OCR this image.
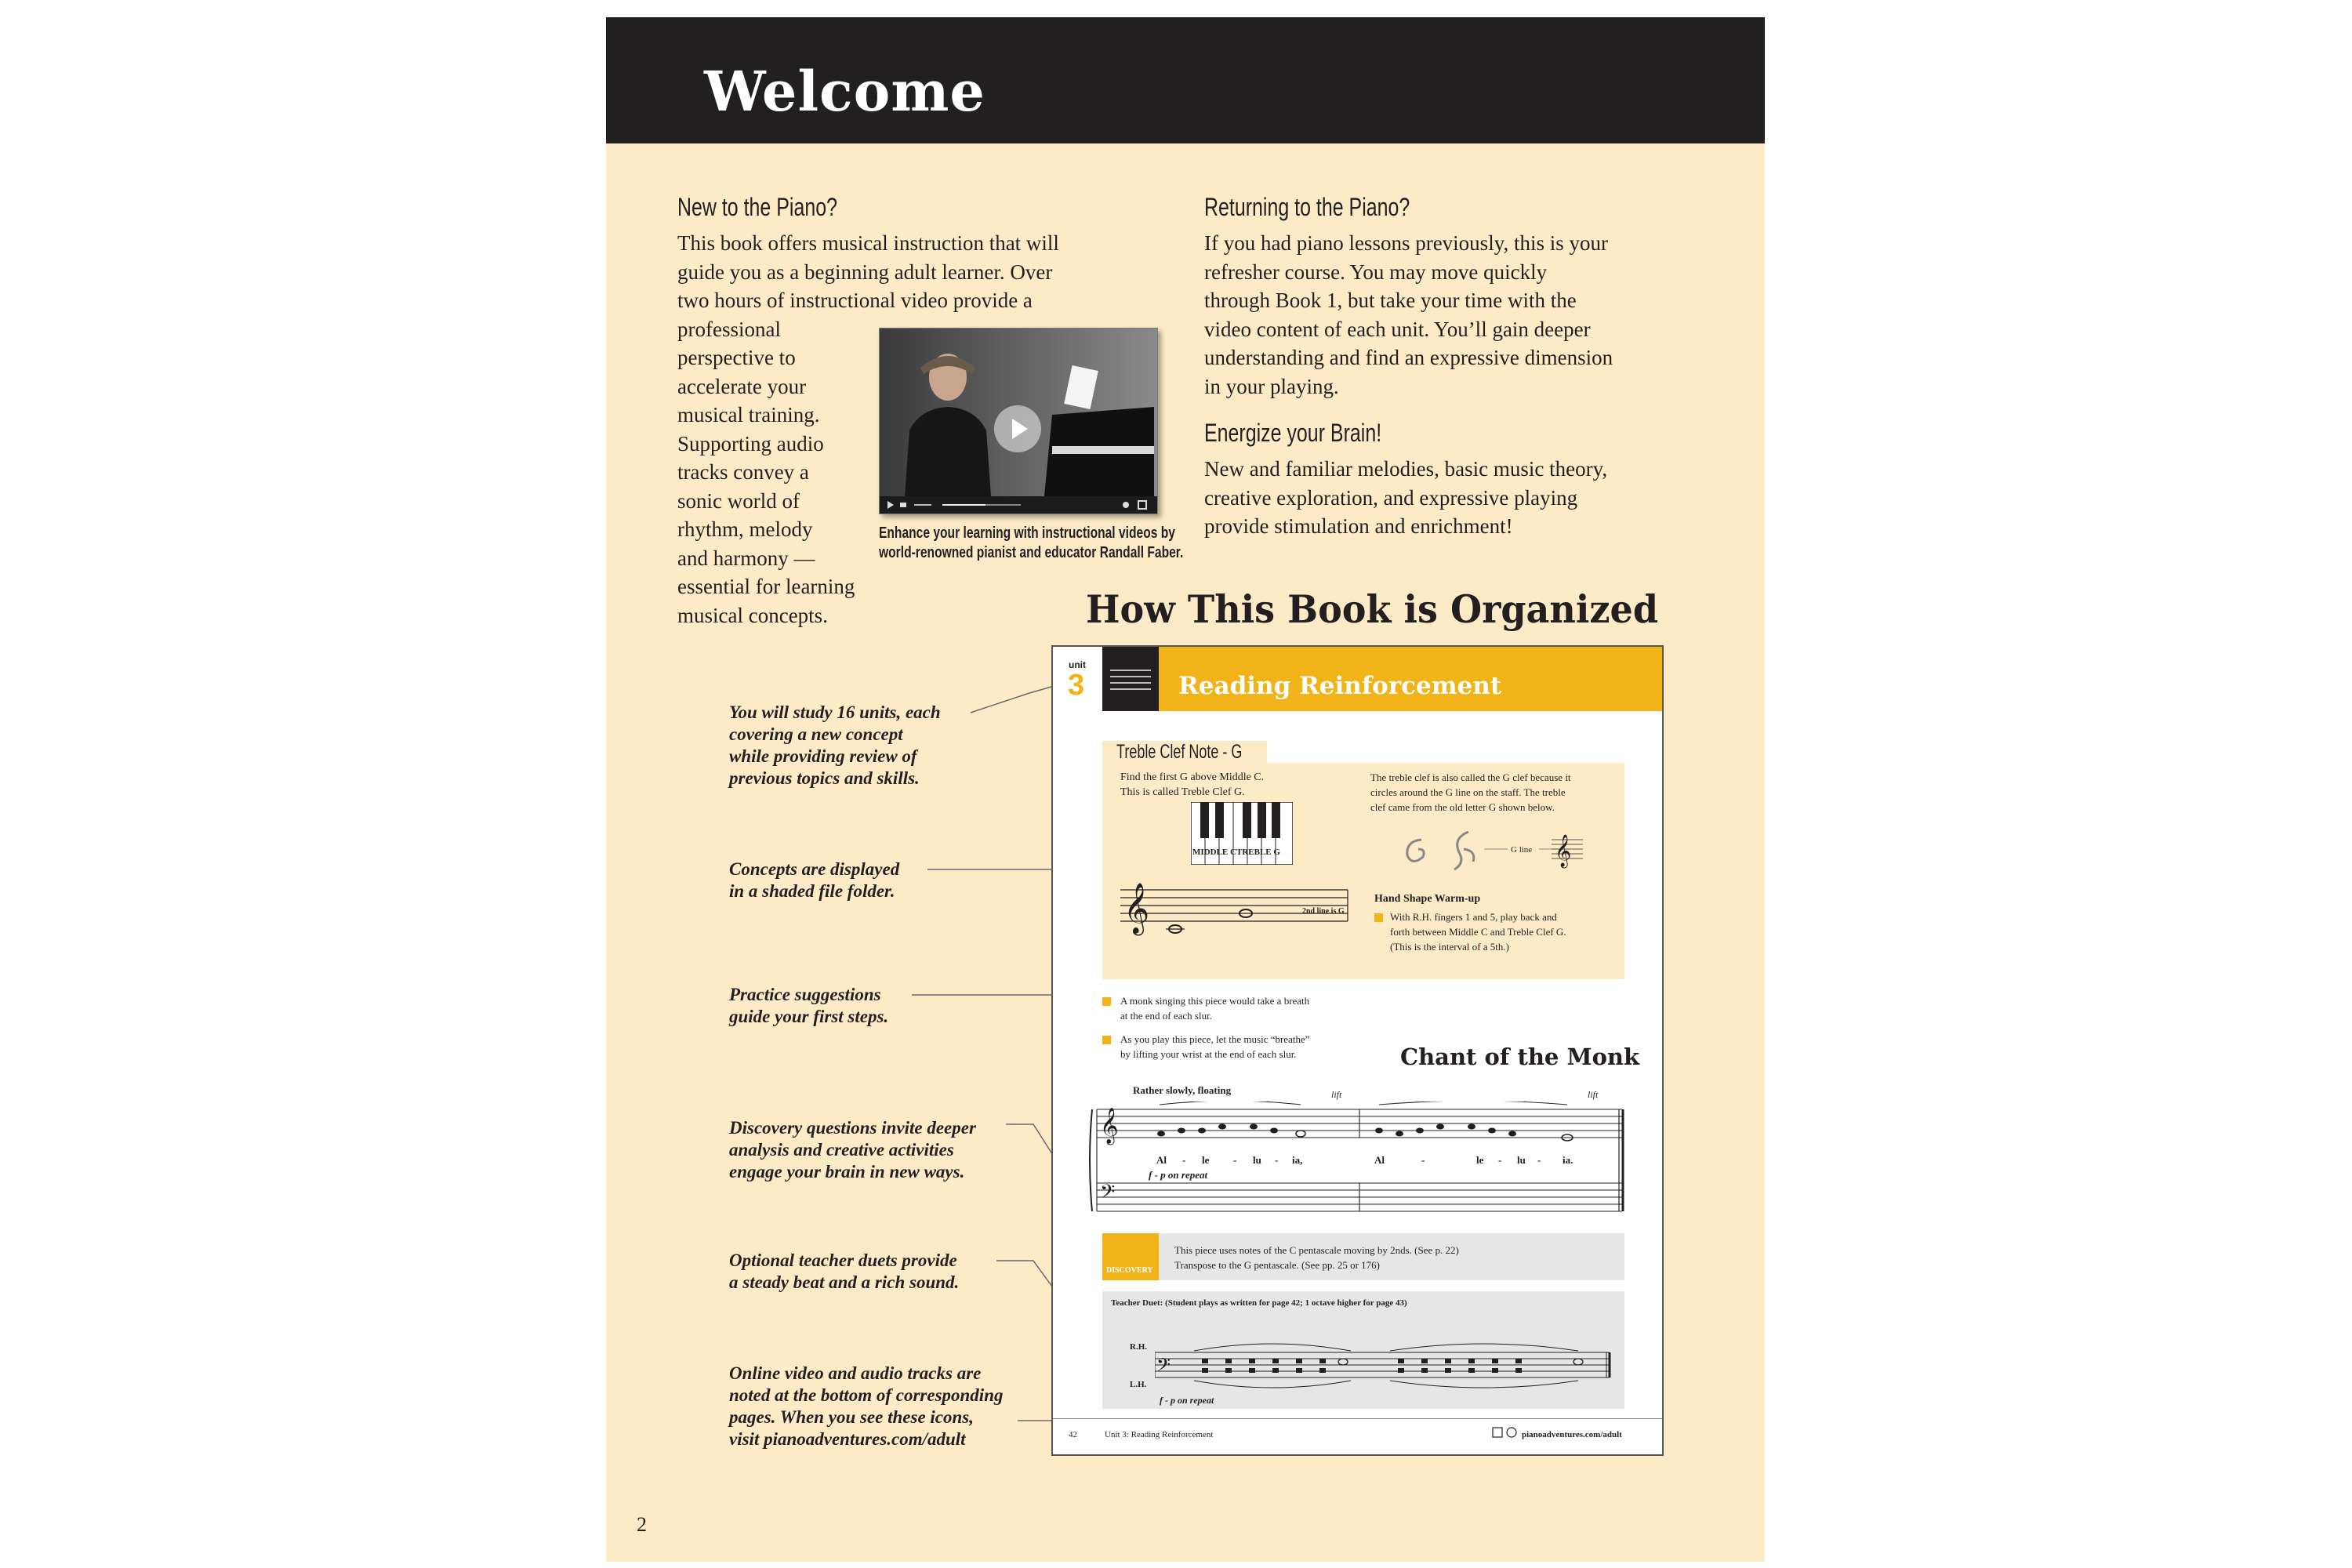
Welcome
New to the Piano?

This book offers musical instruction that will
guide you as a beginning adult learner. Over
two hours of instructional video provide a
professional
perspective to
accelerate your
musical training.
Supporting audio
tracks convey a
sonic world of
rhythm, melody
and harmony —
essential for learning
musical concepts.

Enhance your learning with instructional videos by
world-renowned pianist and educator Randall Faber.
Returning to the Piano?

If you had piano lessons previously, this is your
refresher course. You may move quickly
through Book 1, but take your time with the
video content of each unit. You’ll gain deeper
understanding and find an expressive dimension
in your playing.

Energize your Brain!

New and familiar melodies, basic music theory,
creative exploration, and expressive playing
provide stimulation and enrichment!

How This Book is Organized
You will study 16 units, each
covering a new concept
while providing review of
previous topics and skills.
Concepts are displayed
in a shaded file folder.
Practice suggestions
guide your first steps.
Discovery questions invite deeper
analysis and creative activities
engage your brain in new ways.
Optional teacher duets provide
a steady beat and a rich sound.
Online video and audio tracks are
noted at the bottom of corresponding
pages. When you see these icons,
visit pianoadventures.com/adult
unit
3	Reading Reinforcement
Treble Clef Note - G
Find the first G above Middle C.
This is called Treble Clef G.
MIDDLE C TREBLE G
𝄞	2nd line is G
The treble clef is also called the G clef because it
circles around the G line on the staff. The treble
clef came from the old letter G shown below.
𝄞
G line
Hand Shape Warm-up
With R.H. fingers 1 and 5, play back and
forth between Middle C and Treble Clef G.
(This is the interval of a 5th.)
A monk singing this piece would take a breath
at the end of each slur.
As you play this piece, let the music “breathe”
by lifting your wrist at the end of each slur.	Chant of the Monk
Rather slowly, floating	lift	lift
𝄞
𝄢
Al - le - lu - ia,	Al	-	le - lu - ia.
f - p on repeat
DISCOVERY
This piece uses notes of the C pentascale moving by 2nds. (See p. 22)
Transpose to the G pentascale. (See pp. 25 or 176)
Teacher Duet: (Student plays as written for page 42; 1 octave higher for page 43)
R.H.
L.H.
𝄢
f - p on repeat
42	Unit 3: Reading Reinforcement	pianoadventures.com/adult
2
